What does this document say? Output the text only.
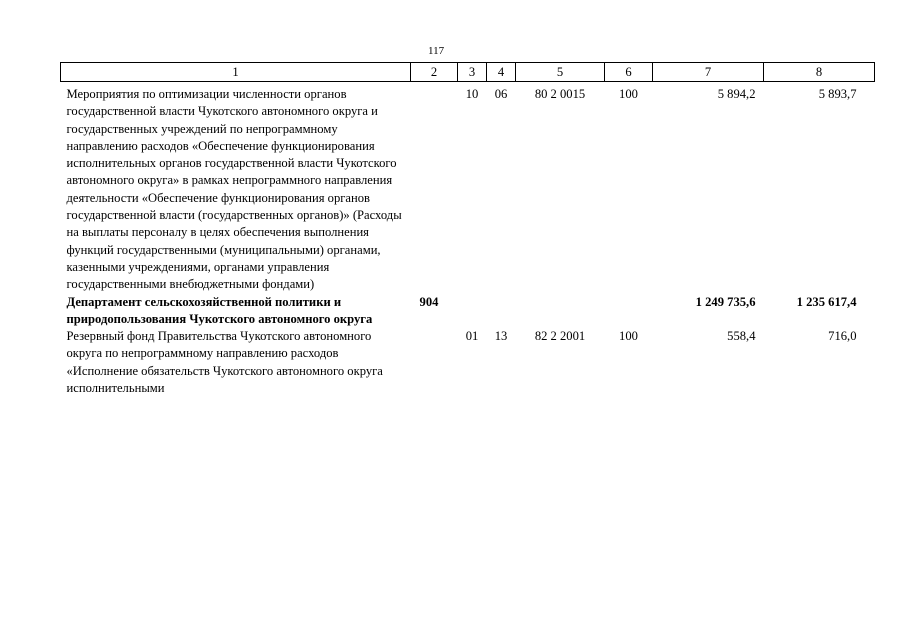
117
1	2	3	4	5	6	7	8
Мероприятия по оптимизации численности органов государственной власти Чукотского автономного округа и государственных учреждений по непрограммному направлению расходов «Обеспечение функционирования исполнительных органов государственной власти Чукотского автономного округа» в рамках непрограммного направления деятельности «Обеспечение функционирования органов государственной власти (государственных органов)» (Расходы на выплаты персоналу в целях обеспечения выполнения функций государственными (муниципальными) органами, казенными учреждениями, органами управления государственными внебюджетными фондами)		10	06	80 2 0015	100	5 894,2	5 893,7
Департамент сельскохозяйственной политики и природопользования Чукотского автономного округа	904					1 249 735,6	1 235 617,4
Резервный фонд Правительства Чукотского автономного округа по непрограммному направлению расходов «Исполнение обязательств Чукотского автономного округа исполнительными		01	13	82 2 2001	100	558,4	716,0
